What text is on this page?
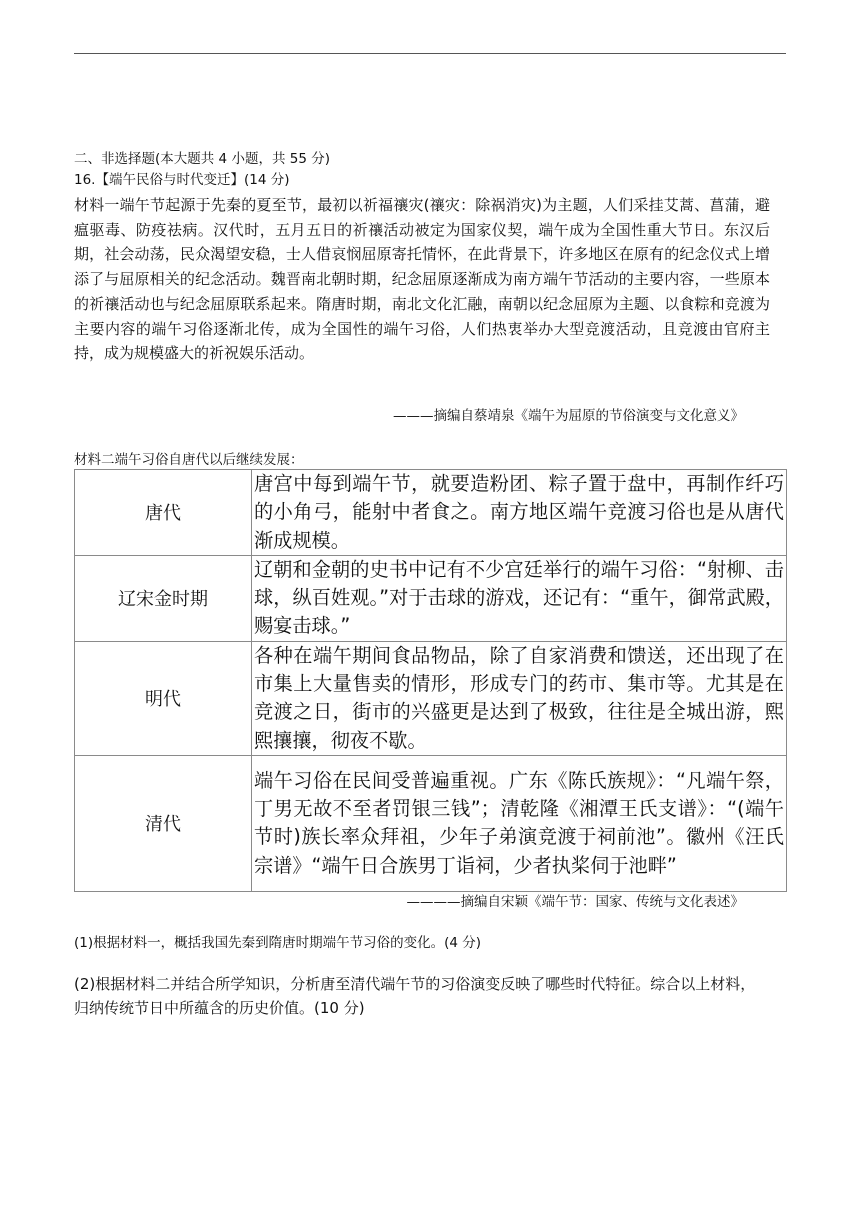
二、非选择题(本大题共 4 小题，共 55 分)
16.【端午民俗与时代变迁】(14 分)
材料一端午节起源于先秦的夏至节，最初以祈福禳灾(禳灾：除祸消灾)为主题，人们采挂艾蒿、菖蒲，避瘟驱毒、防疫祛病。汉代时，五月五日的祈禳活动被定为国家仪契，端午成为全国性重大节日。东汉后期，社会动荡，民众渴望安稳，士人借哀悯屈原寄托情怀，在此背景下，许多地区在原有的纪念仪式上增添了与屈原相关的纪念活动。魏晋南北朝时期，纪念屈原逐渐成为南方端午节活动的主要内容，一些原本的祈禳活动也与纪念屈原联系起来。隋唐时期，南北文化汇融，南朝以纪念屈原为主题、以食粽和竞渡为主要内容的端午习俗逐渐北传，成为全国性的端午习俗，人们热衷举办大型竞渡活动，且竞渡由官府主持，成为规模盛大的祈祝娱乐活动。
———摘编自蔡靖泉《端午为屈原的节俗演变与文化意义》
材料二端午习俗自唐代以后继续发展：
唐代	唐宫中每到端午节，就要造粉团、粽子置于盘中，再制作纤巧的小角弓，能射中者食之。南方地区端午竞渡习俗也是从唐代渐成规模。
辽宋金时期	辽朝和金朝的史书中记有不少宫廷举行的端午习俗：“射柳、击球，纵百姓观。”对于击球的游戏，还记有：“重午，御常武殿，赐宴击球。”
明代	各种在端午期间食品物品，除了自家消费和馈送，还出现了在市集上大量售卖的情形，形成专门的药市、集市等。尤其是在竞渡之日，街市的兴盛更是达到了极致，往往是全城出游，熙熙攘攘，彻夜不歇。
清代	端午习俗在民间受普遍重视。广东《陈氏族规》：“凡端午祭，丁男无故不至者罚银三钱”；清乾隆《湘潭王氏支谱》：“(端午节时)族长率众拜祖，少年子弟演竞渡于祠前池”。徽州《汪氏宗谱》“端午日合族男丁诣祠，少者执桨伺于池畔”
————摘编自宋颖《端午节：国家、传统与文化表述》
(1)根据材料一，概括我国先秦到隋唐时期端午节习俗的变化。(4 分)
(2)根据材料二并结合所学知识，分析唐至清代端午节的习俗演变反映了哪些时代特征。综合以上材料，归纳传统节日中所蕴含的历史价值。(10 分)
